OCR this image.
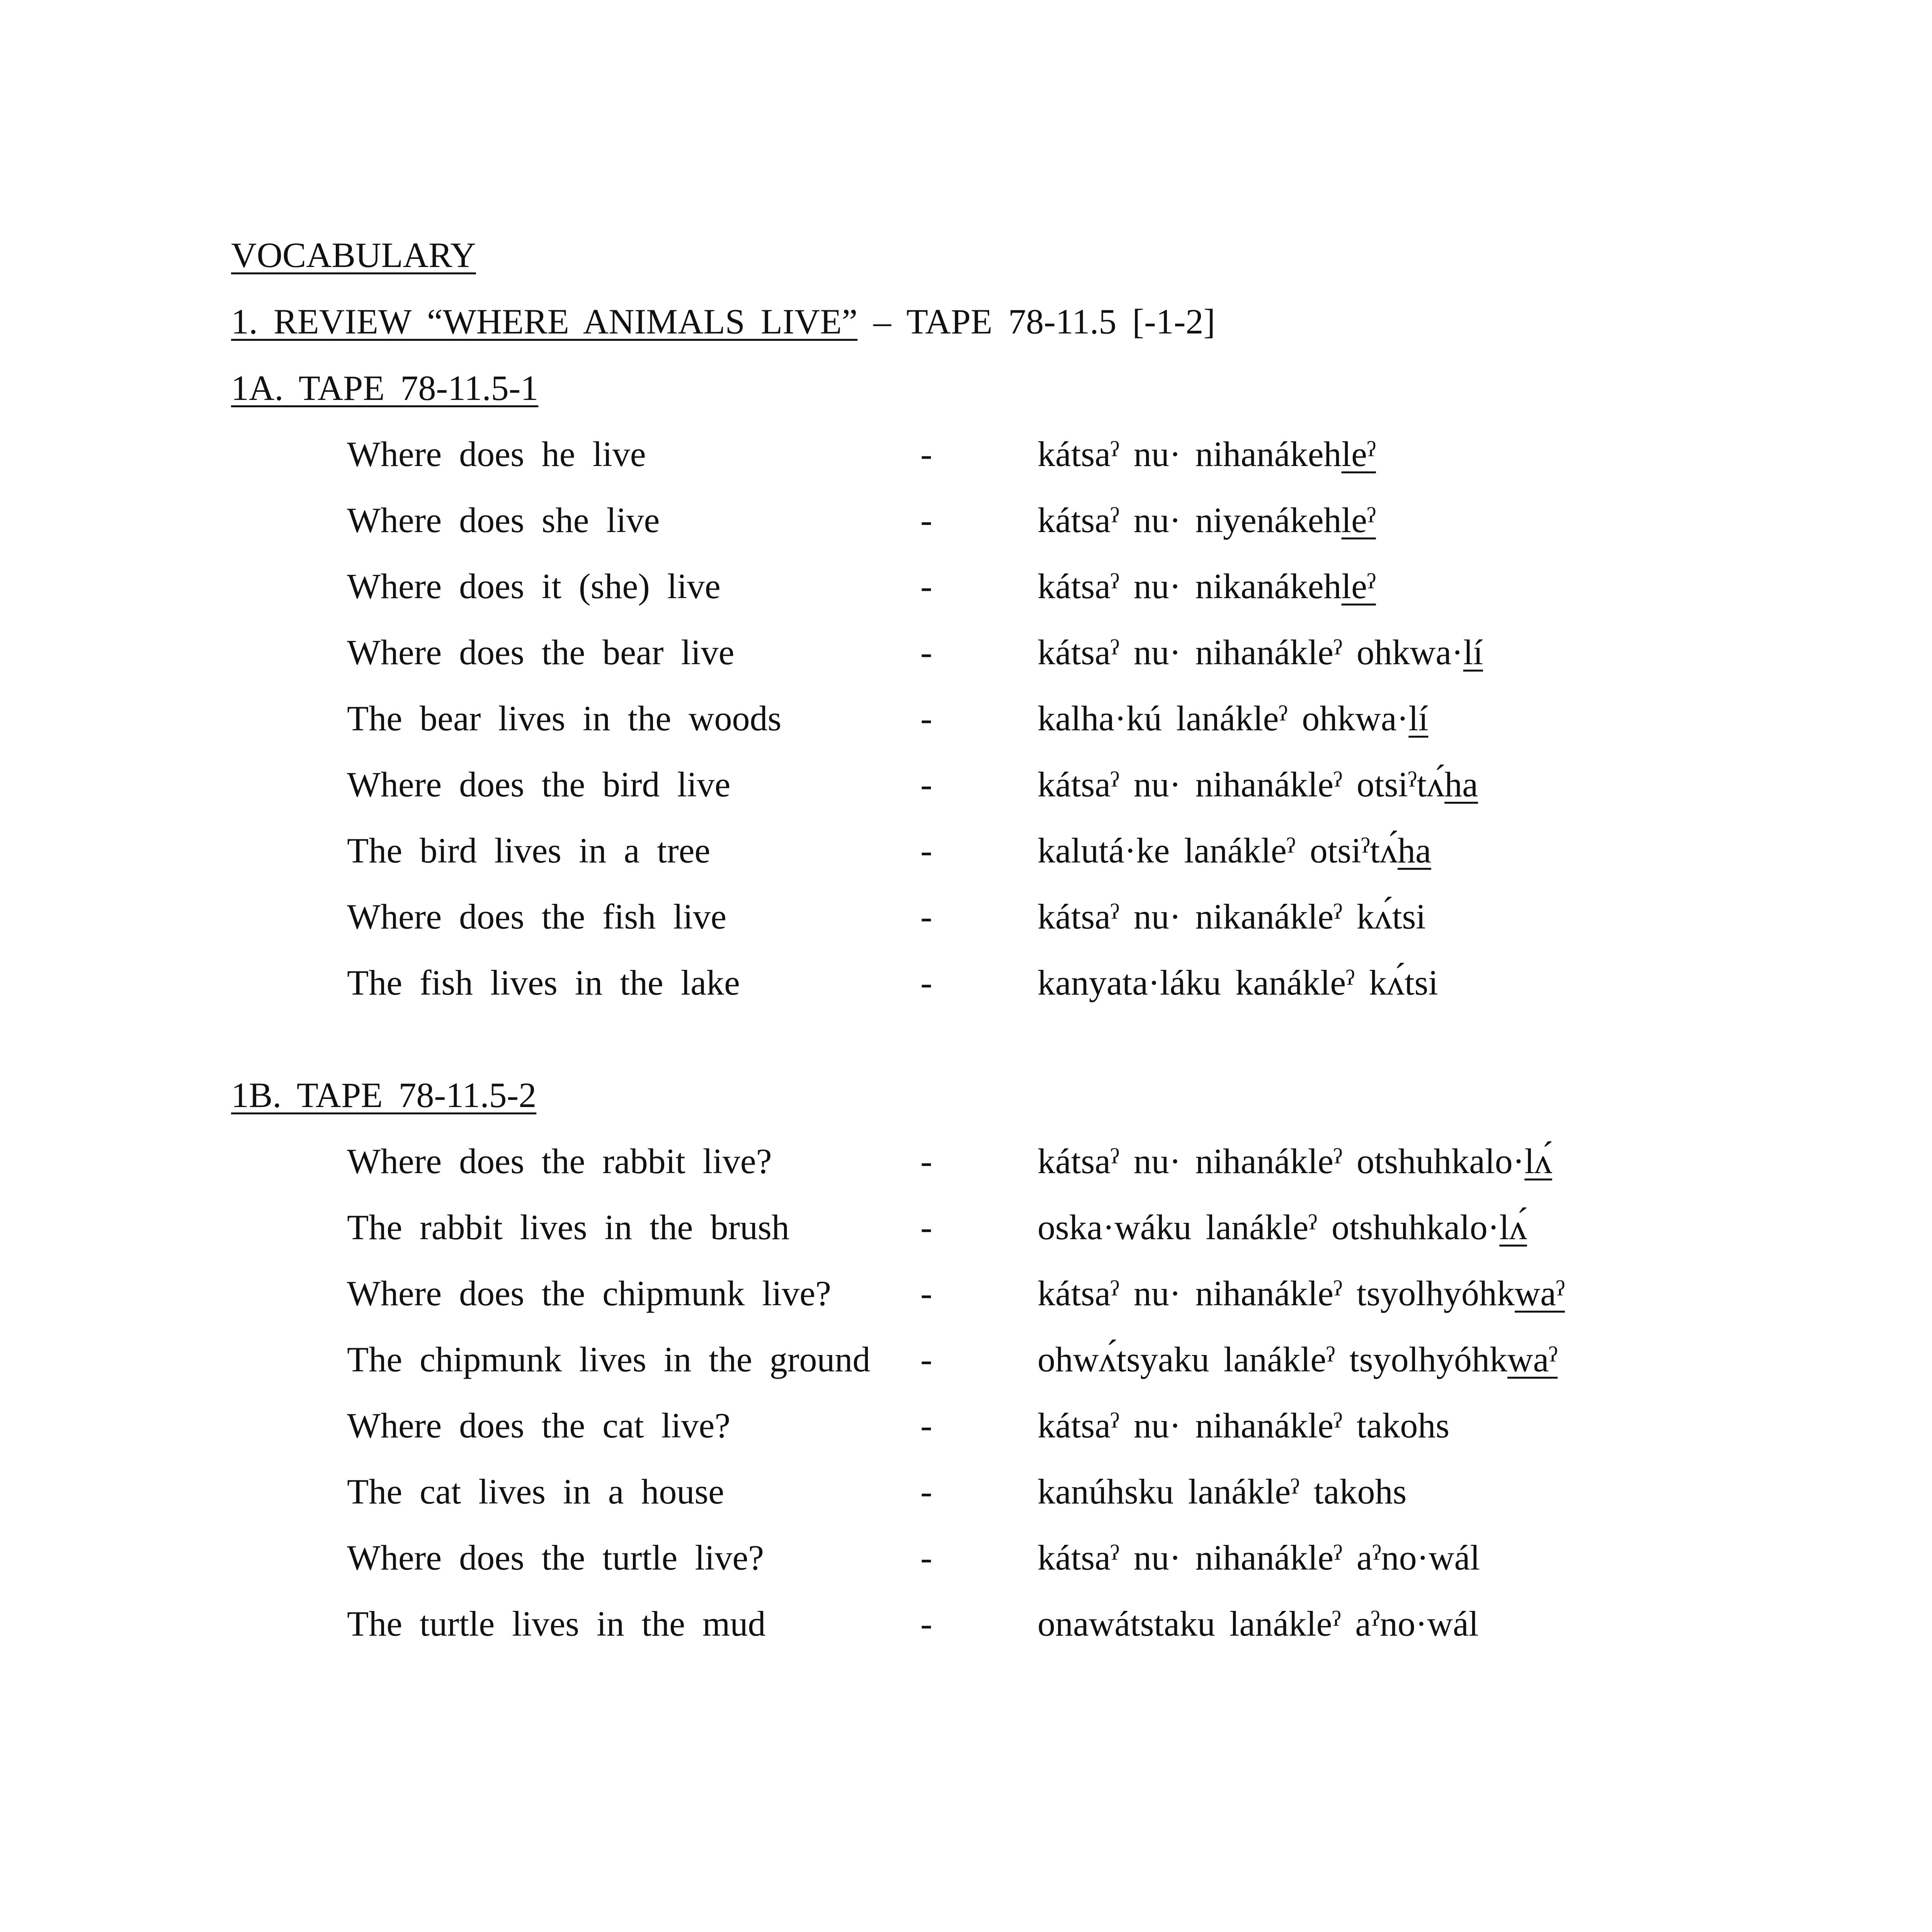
VOCABULARY
1. REVIEW “WHERE ANIMALS LIVE” – TAPE 78-11.5 [-1-2]
1A. TAPE 78-11.5-1
Where does he live	-	kátsaˀ nu· nihanákehleˀ
Where does she live	-	kátsaˀ nu· niyenákehleˀ
Where does it (she) live	-	kátsaˀ nu· nikanákehleˀ
Where does the bear live	-	kátsaˀ nu· nihanákleˀ ohkwa·lí
The bear lives in the woods	-	kalha·kú lanákleˀ ohkwa·lí
Where does the bird live	-	kátsaˀ nu· nihanákleˀ otsiˀtʌ́ha
The bird lives in a tree	-	kalutá·ke lanákleˀ otsiˀtʌ́ha
Where does the fish live	-	kátsaˀ nu· nikanákleˀ kʌ́tsi
The fish lives in the lake	-	kanyata·láku kanákleˀ kʌ́tsi
1B. TAPE 78-11.5-2
Where does the rabbit live?	-	kátsaˀ nu· nihanákleˀ otshuhkalo·lʌ́
The rabbit lives in the brush	-	oska·wáku lanákleˀ otshuhkalo·lʌ́
Where does the chipmunk live?	-	kátsaˀ nu· nihanákleˀ tsyolhyóhkwaˀ
The chipmunk lives in the ground -	ohwʌ́tsyaku lanákleˀ tsyolhyóhkwaˀ
Where does the cat live?	-	kátsaˀ nu· nihanákleˀ takohs
The cat lives in a house	-	kanúhsku lanákleˀ takohs
Where does the turtle live?	-	kátsaˀ nu· nihanákleˀ aˀno·wál
The turtle lives in the mud	-	onawátstaku lanákleˀ aˀno·wál
